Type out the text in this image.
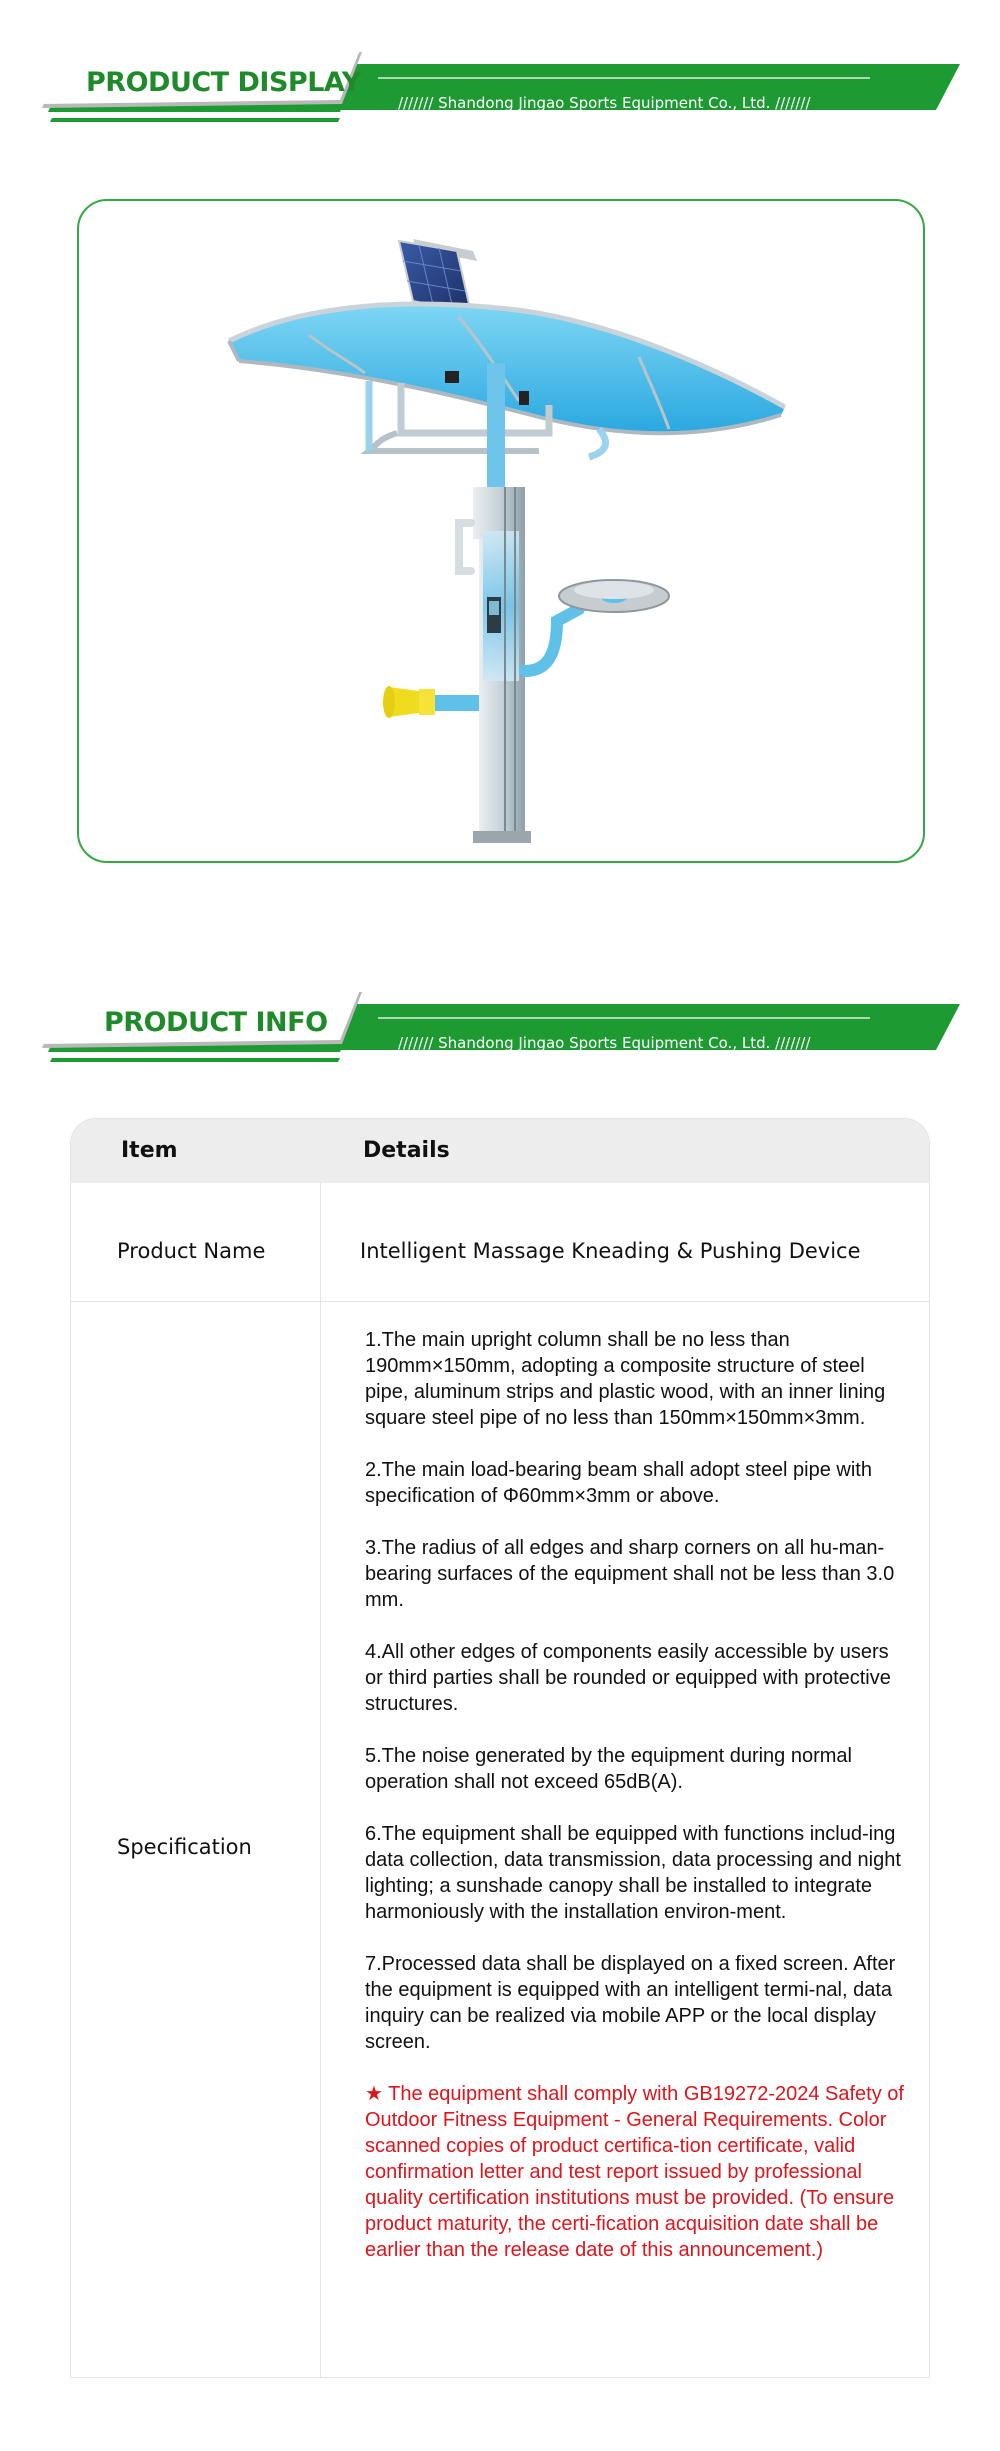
PRODUCT DISPLAY
/////// Shandong Jingao Sports Equipment Co., Ltd. ///////
PRODUCT INFO
/////// Shandong Jingao Sports Equipment Co., Ltd. ///////
Item	Details
Product Name	Intelligent Massage Kneading & Pushing Device
Specification

1.The main upright column shall be no less than 190mm×150mm, adopting a composite structure of steel pipe, aluminum strips and plastic wood, with an inner lining square steel pipe of no less than 150mm×150mm×3mm.

2.The main load-bearing beam shall adopt steel pipe with specification of Φ60mm×3mm or above.

3.The radius of all edges and sharp corners on all hu-man-bearing surfaces of the equipment shall not be less than 3.0 mm.

4.All other edges of components easily accessible by users or third parties shall be rounded or equipped with protective structures.

5.The noise generated by the equipment during normal operation shall not exceed 65dB(A).

6.The equipment shall be equipped with functions includ-ing data collection, data transmission, data processing and night lighting; a sunshade canopy shall be installed to integrate harmoniously with the installation environ-ment.

7.Processed data shall be displayed on a fixed screen. After the equipment is equipped with an intelligent termi-nal, data inquiry can be realized via mobile APP or the local display screen.

★ The equipment shall comply with GB19272-2024 Safety of Outdoor Fitness Equipment - General Requirements. Color scanned copies of product certifica-tion certificate, valid confirmation letter and test report issued by professional quality certification institutions must be provided. (To ensure product maturity, the certi-fication acquisition date shall be earlier than the release date of this announcement.)
